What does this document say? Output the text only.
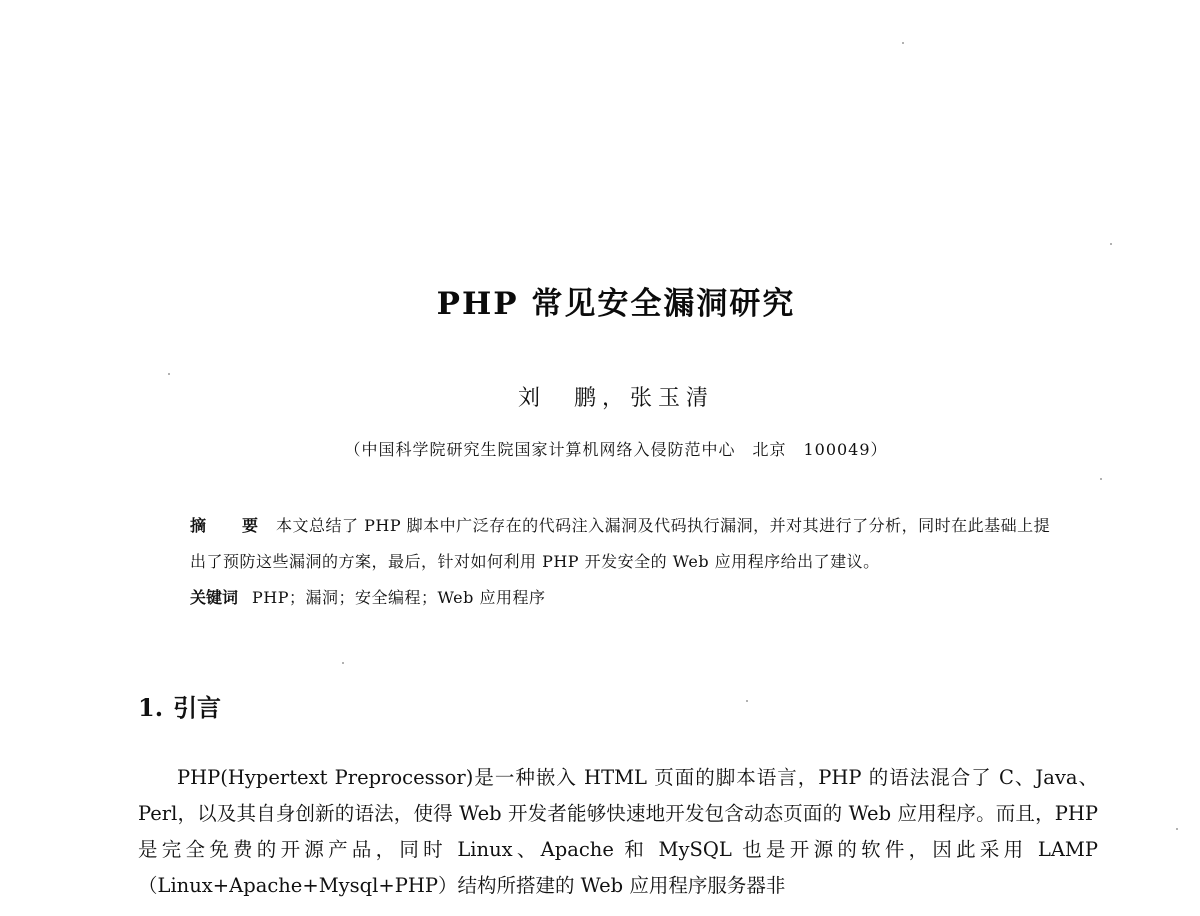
PHP 常见安全漏洞研究
刘　鹏，张玉清
（中国科学院研究生院国家计算机网络入侵防范中心　北京　100049）
摘　要 本文总结了 PHP 脚本中广泛存在的代码注入漏洞及代码执行漏洞，并对其进行了分析，同时在此基础上提出了预防这些漏洞的方案，最后，针对如何利用 PHP 开发安全的 Web 应用程序给出了建议。
关键词 PHP；漏洞；安全编程；Web 应用程序
1. 引言

PHP(Hypertext Preprocessor)是一种嵌入 HTML 页面的脚本语言，PHP 的语法混合了 C、Java、Perl，以及其自身创新的语法，使得 Web 开发者能够快速地开发包含动态页面的 Web 应用程序。而且，PHP 是完全免费的开源产品，同时 Linux、Apache 和 MySQL 也是开源的软件，因此采用 LAMP（Linux+Apache+Mysql+PHP）结构所搭建的 Web 应用程序服务器非
